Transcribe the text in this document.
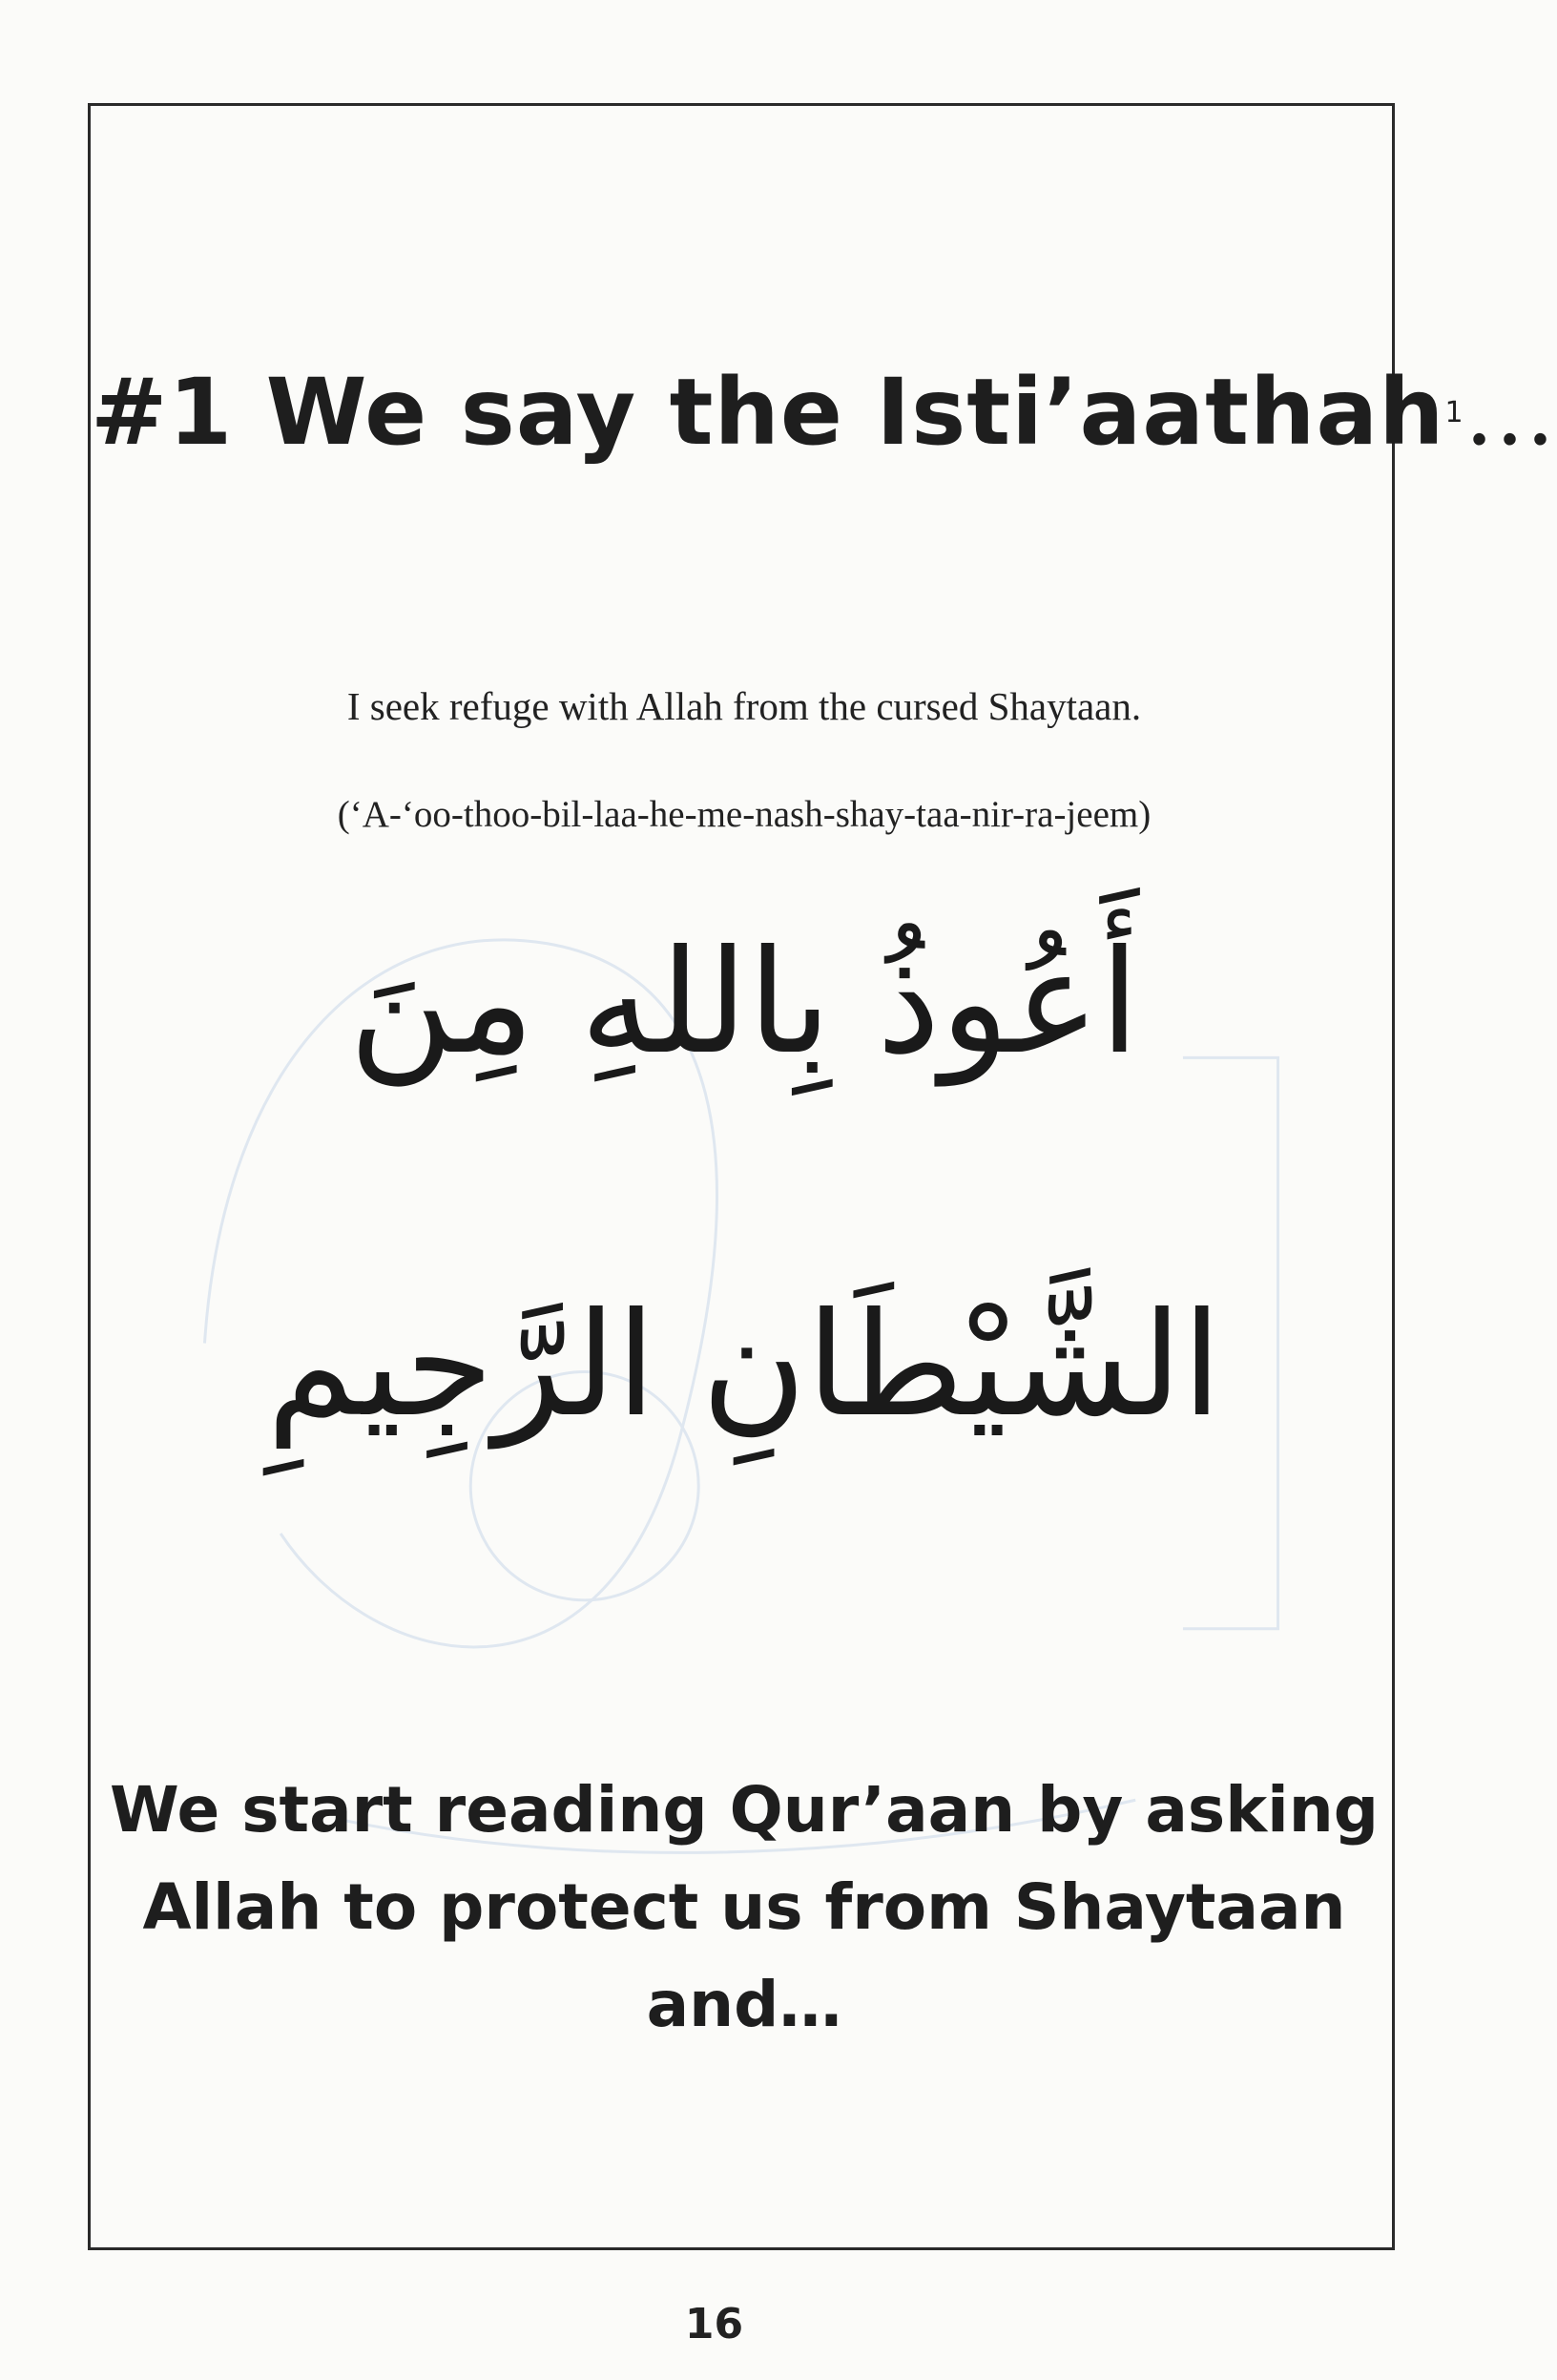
#1 We say the Isti’aathah1…
I seek refuge with Allah from the cursed Shaytaan.
(‘A-‘oo-thoo-bil-laa-he-me-nash-shay-taa-nir-ra-jeem)
أَعُوذُ بِاللهِ مِنَ
الشَّيْطَانِ الرَّجِيمِ
We start reading Qur’aan by asking
Allah to protect us from Shaytaan
and…
16
